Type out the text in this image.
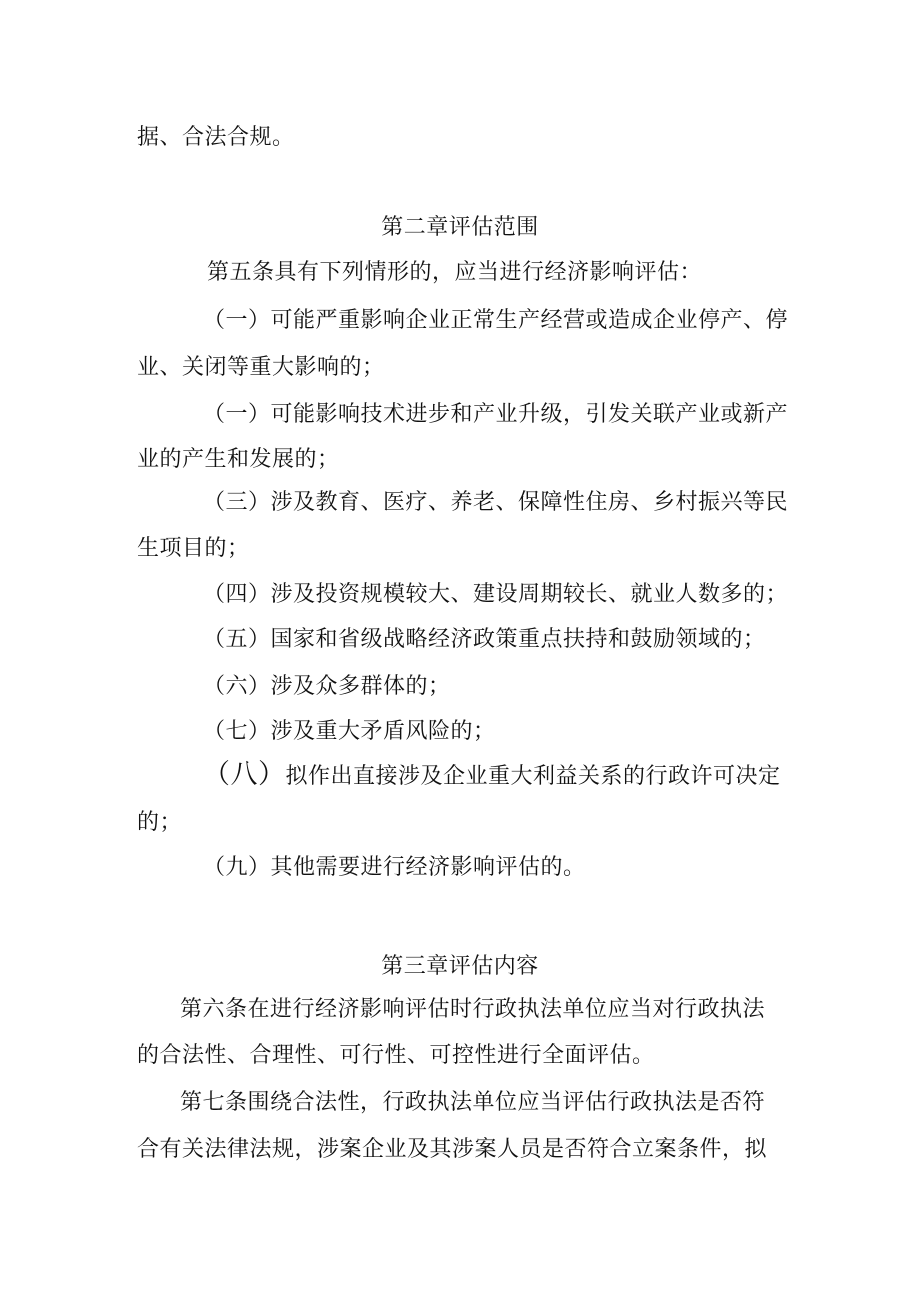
据、合法合规。
第二章评估范围
第五条具有下列情形的，应当进行经济影响评估：
（一）可能严重影响企业正常生产经营或造成企业停产、停
业、关闭等重大影响的；
（一）可能影响技术进步和产业升级，引发关联产业或新产
业的产生和发展的；
（三）涉及教育、医疗、养老、保障性住房、乡村振兴等民
生项目的；
（四）涉及投资规模较大、建设周期较长、就业人数多的；
（五）国家和省级战略经济政策重点扶持和鼓励领域的；
（六）涉及众多群体的；
（七）涉及重大矛盾风险的；
（八）拟作出直接涉及企业重大利益关系的行政许可决定
的；
（九）其他需要进行经济影响评估的。
第三章评估内容
第六条在进行经济影响评估时行政执法单位应当对行政执法
的合法性、合理性、可行性、可控性进行全面评估。
第七条围绕合法性，行政执法单位应当评估行政执法是否符
合有关法律法规，涉案企业及其涉案人员是否符合立案条件，拟
